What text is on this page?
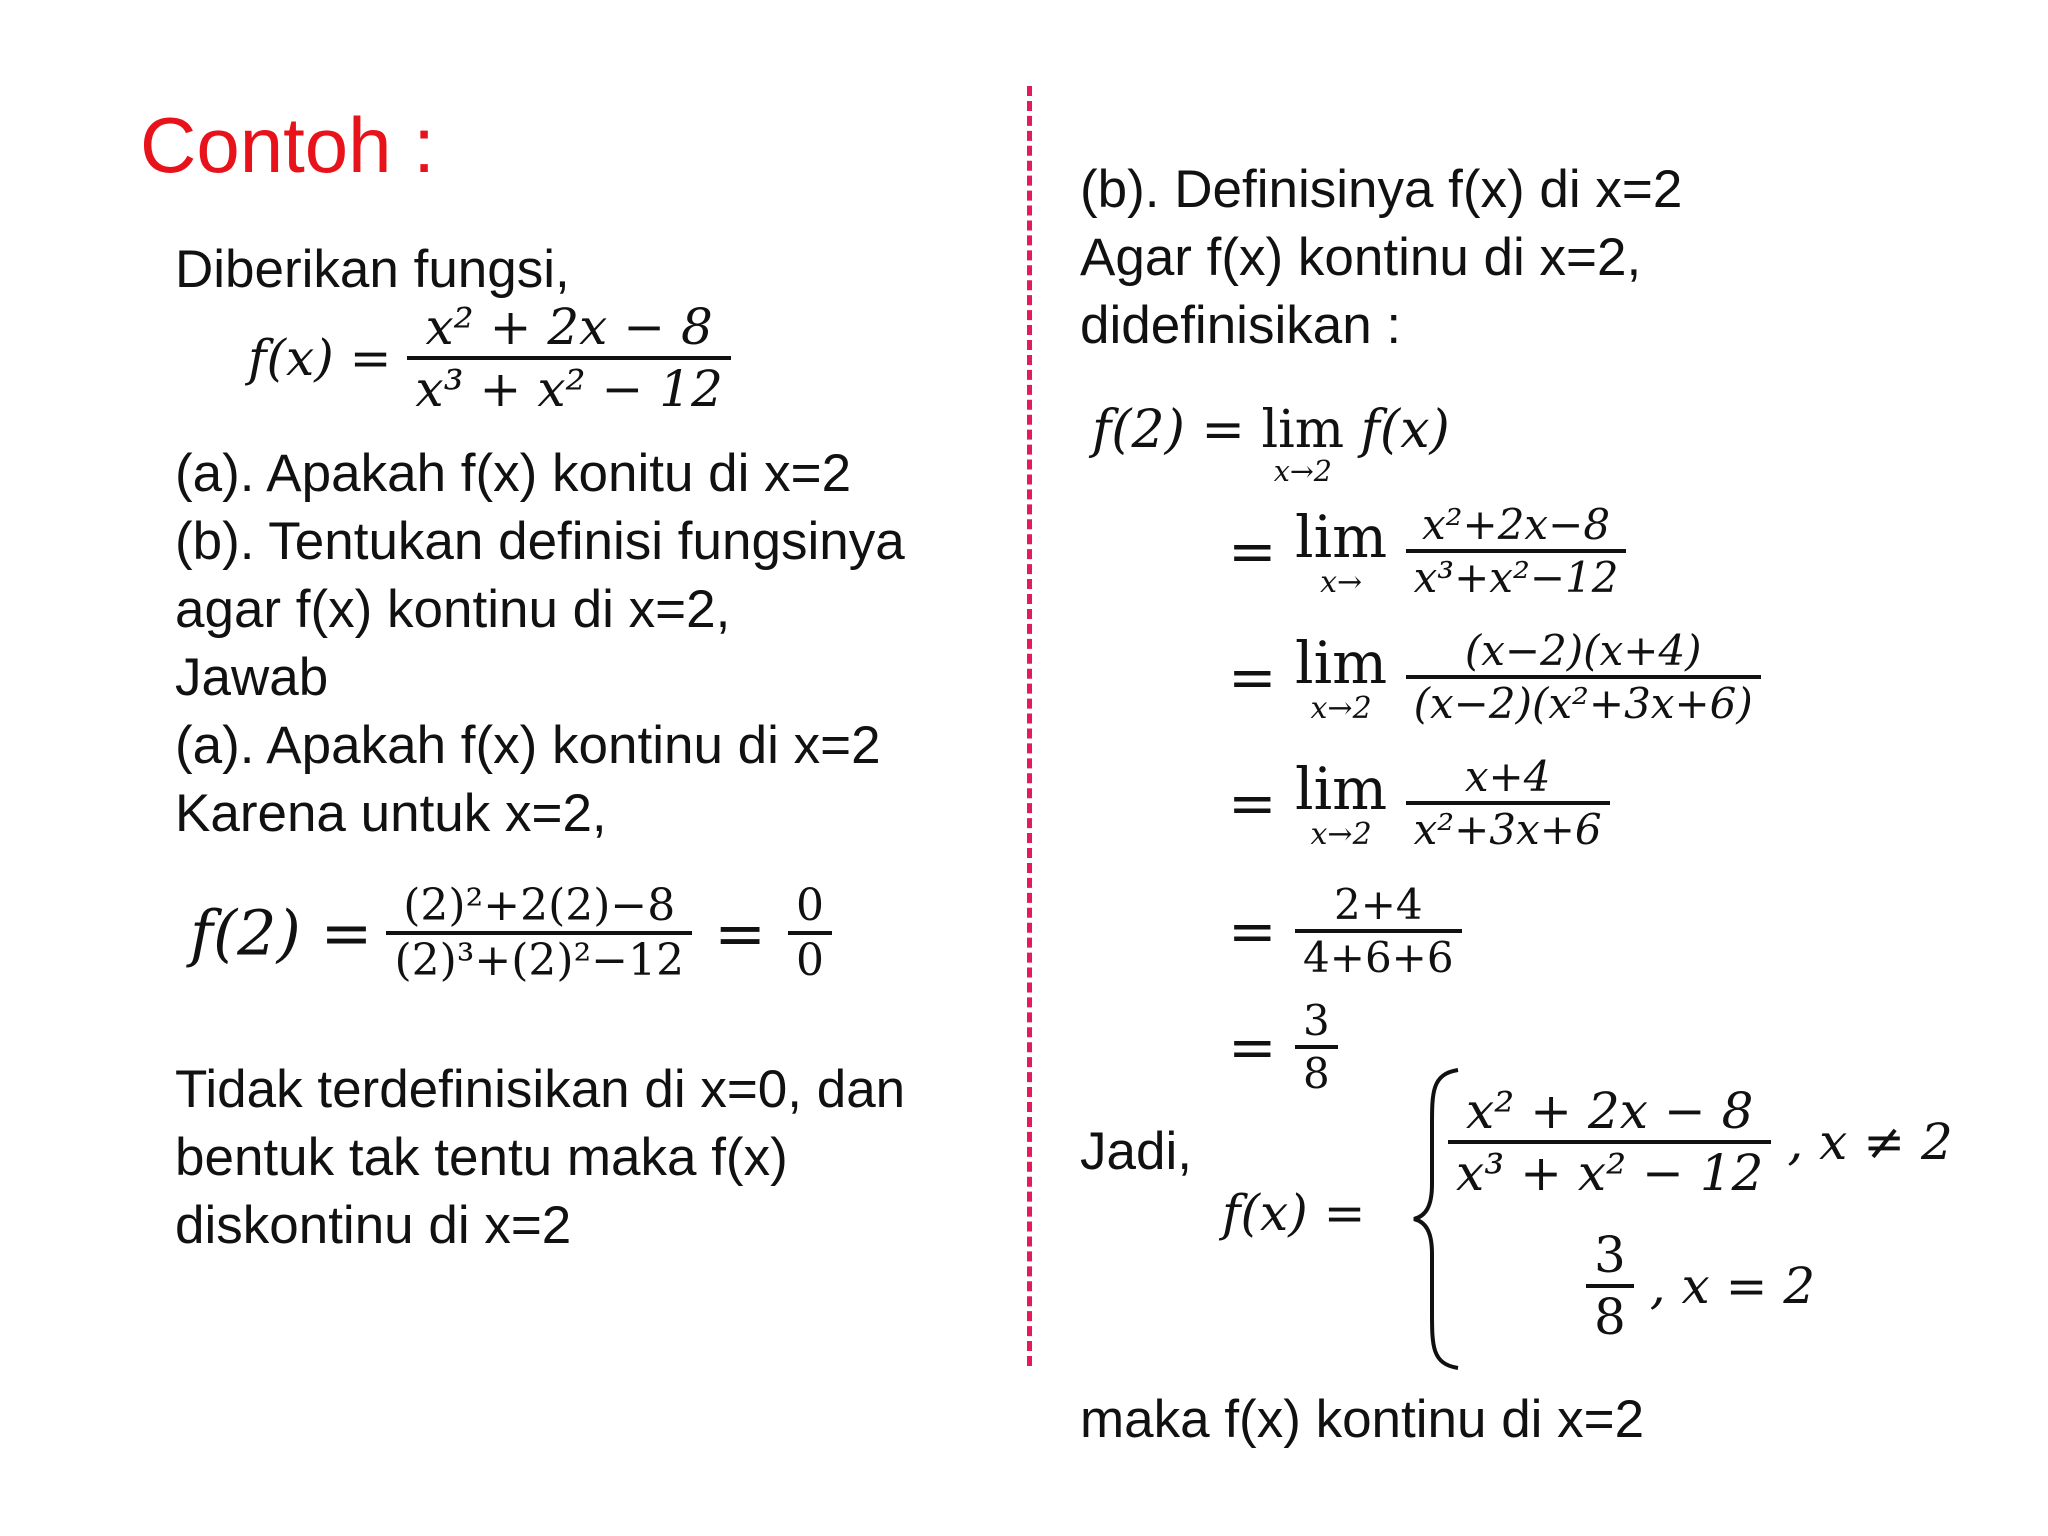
Contoh :
Diberikan fungsi,
$f(x) = \frac{\text{x² + 2x − 8}}{\text{x³ + x² − 12}}$
(a). Apakah f(x) konitu di x=2
(b). Tentukan definisi fungsinya
agar f(x) kontinu di x=2,
Jawab
(a). Apakah f(x) kontinu di x=2
Karena untuk x=2,
$f(2) = \frac{\text{(2)²+2(2)−8}}{\text{(2)³+(2)²−12}} = \frac{0}{0}$
Tidak terdefinisikan di x=0, dan
bentuk tak tentu maka f(x)
diskontinu di x=2
(b). Definisinya f(x) di x=2
Agar f(x) kontinu di x=2,
didefinisikan :
f(2) = lim
x→2
f(x)
= lim
x→
$\frac{\text{x²+2x−8}}{\text{x³+x²−12}}$
= lim
x→2
$\frac{(x-2)(x+4)}{\text{(x−2)(x²+3x+6)}}$
= lim
x→2
$\frac{x+4}{\text{x²+3x+6}}$
= $\frac{2+4}{4+6+6}$
= $\frac{3}{8}$
Jadi,
f(x) =
$\frac{\text{x² + 2x − 8}}{\text{x³ + x² − 12}}$ , x ≠ 2
$\frac{3}{8}$ , x = 2
maka f(x) kontinu di x=2
